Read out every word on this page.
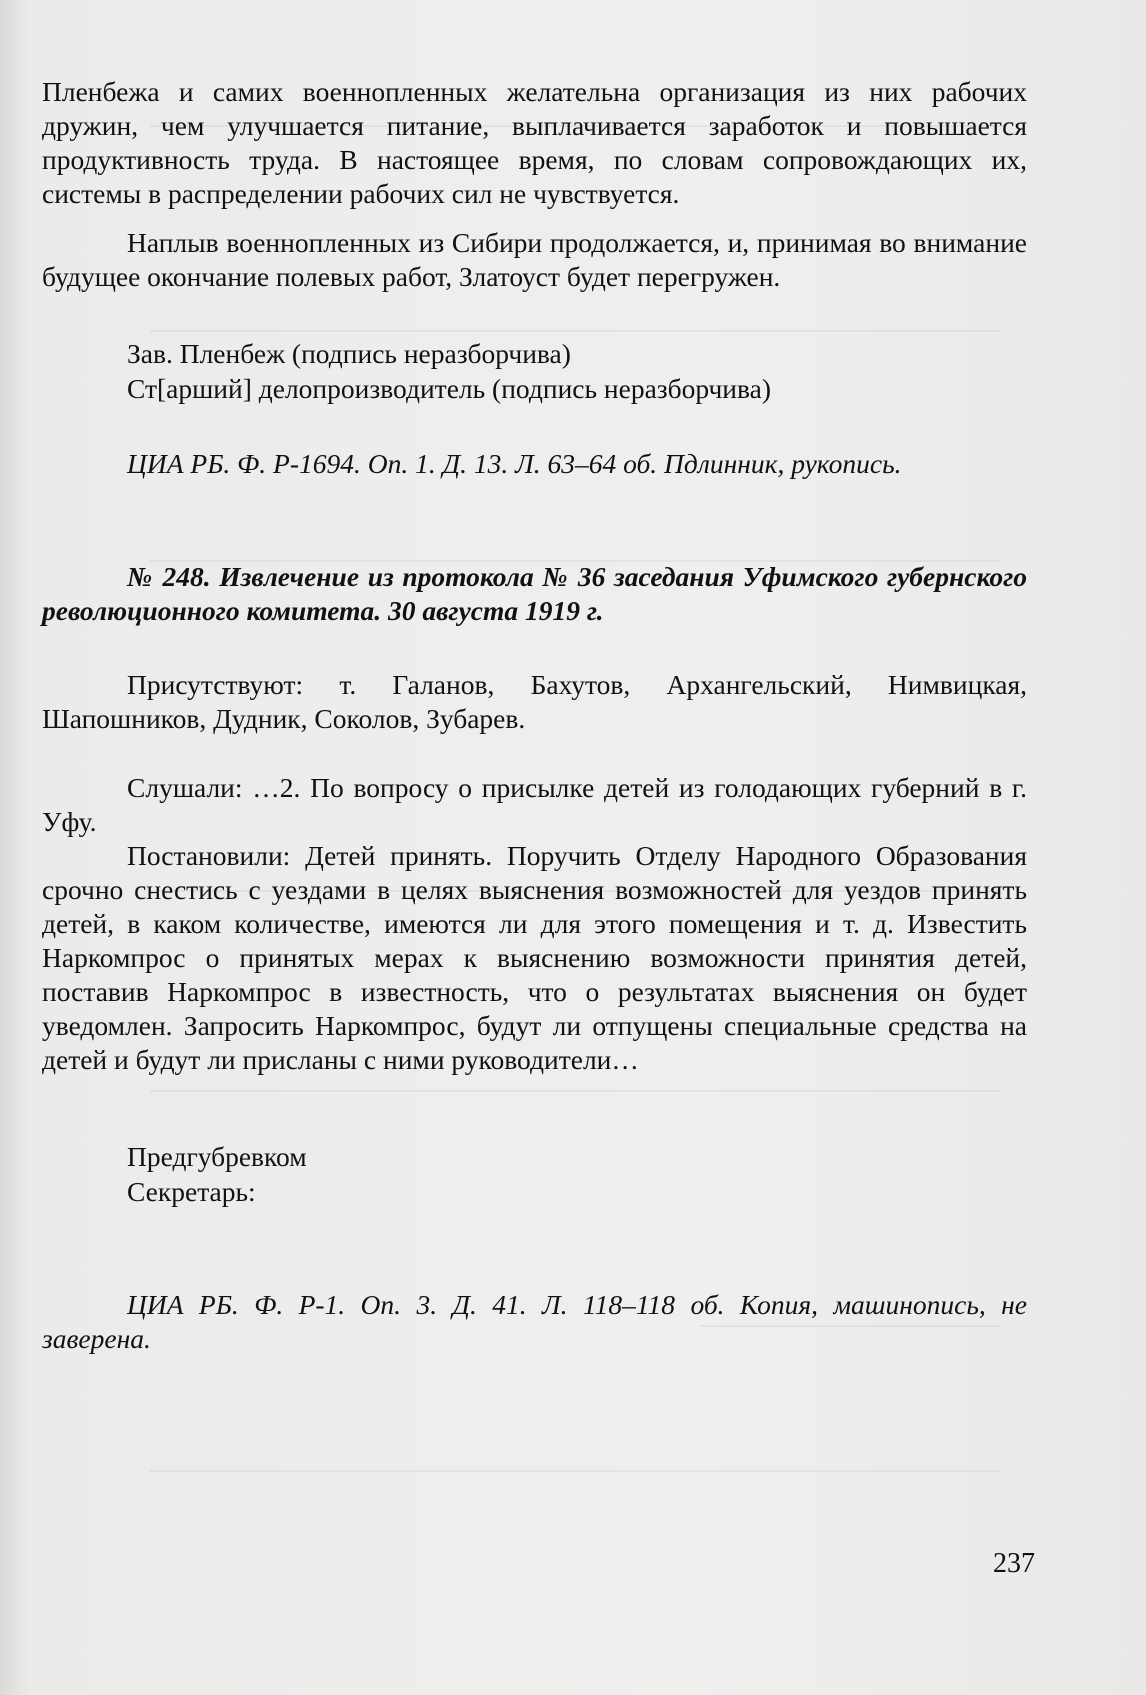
Пленбежа и самих военнопленных желательна организация из них рабочих дружин, чем улучшается питание, выплачивается заработок и повышается продуктивность труда. В настоящее время, по словам сопровождающих их, системы в распределении рабочих сил не чувствуется.

Наплыв военнопленных из Сибири продолжается, и, принимая во внимание будущее окончание полевых работ, Златоуст будет перегружен.

Зав. Пленбеж (подпись неразборчива)
Ст[арший] делопроизводитель (подпись неразборчива)

ЦИА РБ. Ф. Р-1694. Оп. 1. Д. 13. Л. 63–64 об. Пдлинник, рукопись.

№ 248. Извлечение из протокола № 36 заседания Уфимского губернского революционного комитета. 30 августа 1919 г.

Присутствуют: т. Галанов, Бахутов, Архангельский, Нимвицкая, Шапошников, Дудник, Соколов, Зубарев.

Слушали: …2. По вопросу о присылке детей из голодающих губерний в г. Уфу.

Постановили: Детей принять. Поручить Отделу Народного Образования срочно снестись с уездами в целях выяснения возможностей для уездов принять детей, в каком количестве, имеются ли для этого помещения и т. д. Известить Наркомпрос о принятых мерах к выяснению возможности принятия детей, поставив Наркомпрос в известность, что о результатах выяснения он будет уведомлен. Запросить Наркомпрос, будут ли отпущены специальные средства на детей и будут ли присланы с ними руководители…

Предгубревком
Секретарь:

ЦИА РБ. Ф. Р-1. Оп. 3. Д. 41. Л. 118–118 об. Копия, машинопись, не заверена.

237
